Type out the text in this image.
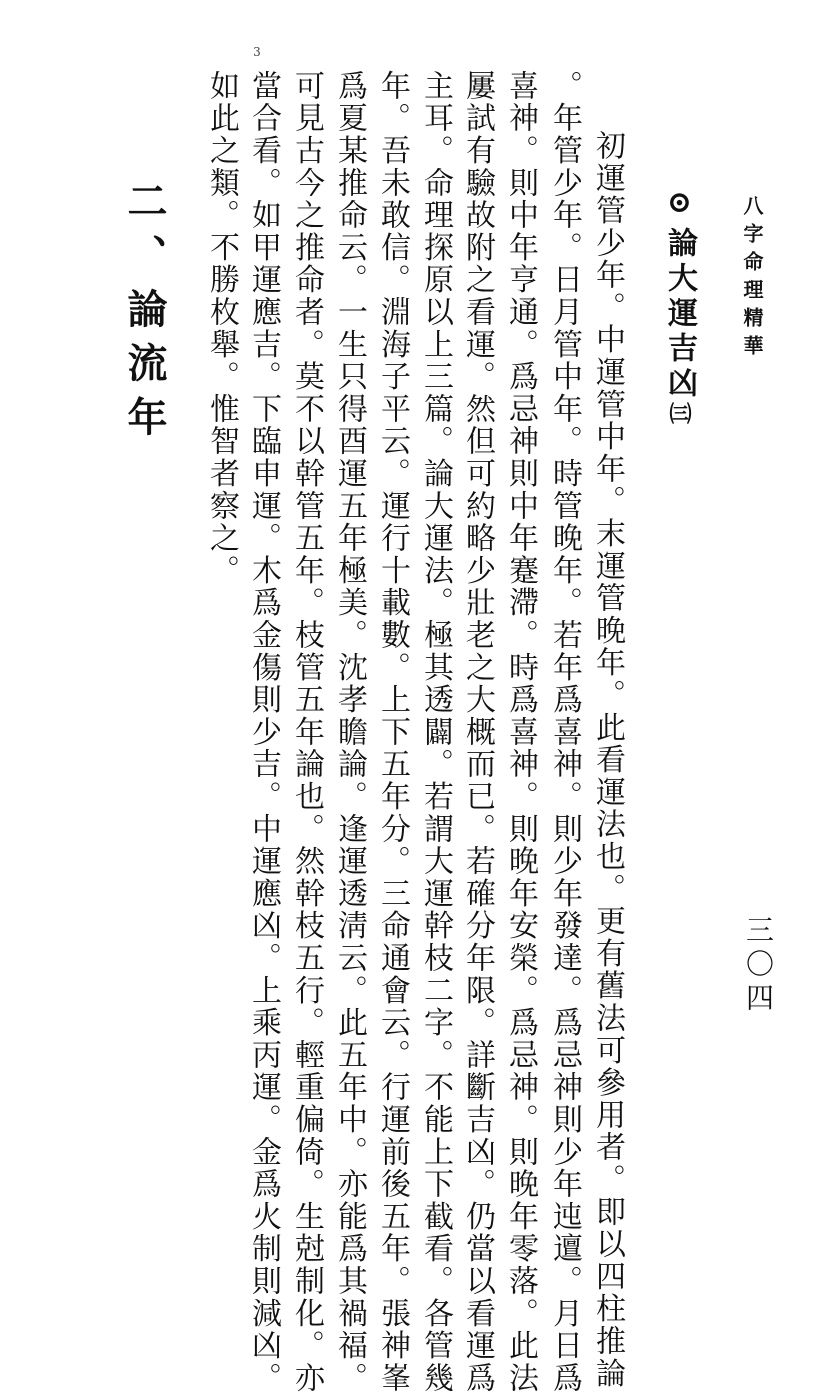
八字命理精華
三〇四
3
⊙論大運吉凶㈢
初運管少年。中運管中年。末運管晚年。此看運法也。更有舊法可參用者。即以四柱推論
。年管少年。日月管中年。時管晚年。若年爲喜神。則少年發達。爲忌神則少年迍邅。月日爲
喜神。則中年亨通。爲忌神則中年蹇滯。時爲喜神。則晚年安榮。爲忌神。則晚年零落。此法
屢試有驗故附之看運。然但可約略少壯老之大概而已。若確分年限。詳斷吉凶。仍當以看運爲
主耳。命理探原以上三篇。論大運法。極其透闢。若謂大運幹枝二字。不能上下截看。各管幾
年。吾未敢信。淵海子平云。運行十載數。上下五年分。三命通會云。行運前後五年。張神峯
爲夏某推命云。一生只得酉運五年極美。沈孝瞻論。逢運透淸云。此五年中。亦能爲其禍福。
可見古今之推命者。莫不以幹管五年。枝管五年論也。然幹枝五行。輕重偏倚。生尅制化。亦
當合看。如甲運應吉。下臨申運。木爲金傷則少吉。中運應凶。上乘丙運。金爲火制則減凶。
如此之類。不勝枚舉。惟智者察之。
二、論流年
